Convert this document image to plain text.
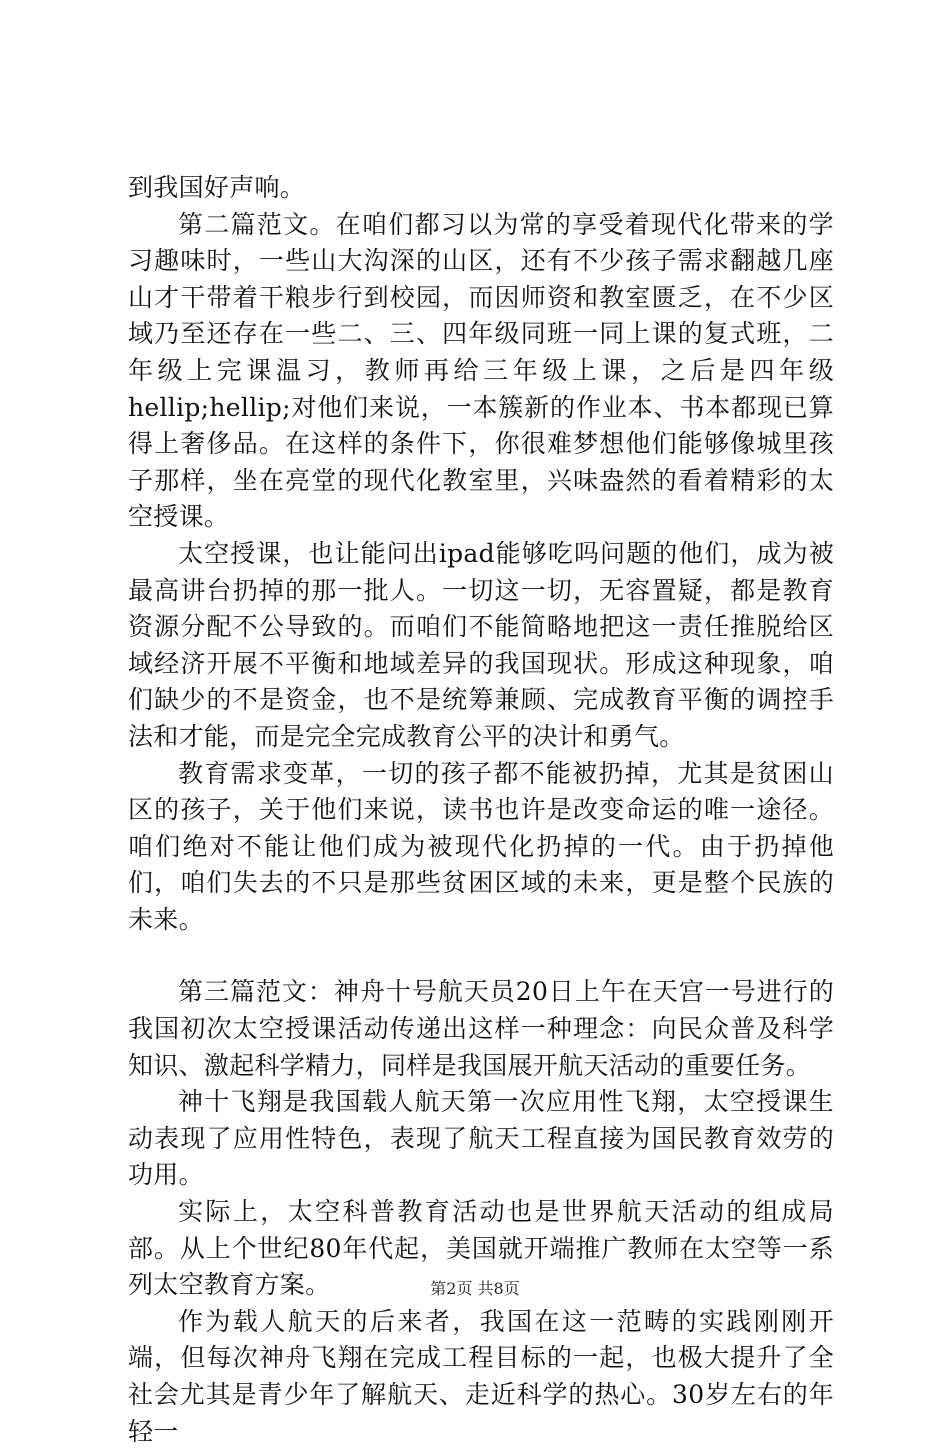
到我国好声响。

第二篇范文。在咱们都习以为常的享受着现代化带来的学习趣味时，一些山大沟深的山区，还有不少孩子需求翻越几座山才干带着干粮步行到校园，而因师资和教室匮乏，在不少区域乃至还存在一些二、三、四年级同班一同上课的复式班，二年级上完课温习，教师再给三年级上课，之后是四年级hellip;hellip;对他们来说，一本簇新的作业本、书本都现已算得上奢侈品。在这样的条件下，你很难梦想他们能够像城里孩子那样，坐在亮堂的现代化教室里，兴味盎然的看着精彩的太空授课。

太空授课，也让能问出ipad能够吃吗问题的他们，成为被最高讲台扔掉的那一批人。一切这一切，无容置疑，都是教育资源分配不公导致的。而咱们不能简略地把这一责任推脱给区域经济开展不平衡和地域差异的我国现状。形成这种现象，咱们缺少的不是资金，也不是统筹兼顾、完成教育平衡的调控手法和才能，而是完全完成教育公平的决计和勇气。

教育需求变革，一切的孩子都不能被扔掉，尤其是贫困山区的孩子，关于他们来说，读书也许是改变命运的唯一途径。咱们绝对不能让他们成为被现代化扔掉的一代。由于扔掉他们，咱们失去的不只是那些贫困区域的未来，更是整个民族的未来。

第三篇范文：神舟十号航天员20日上午在天宫一号进行的我国初次太空授课活动传递出这样一种理念：向民众普及科学知识、激起科学精力，同样是我国展开航天活动的重要任务。

神十飞翔是我国载人航天第一次应用性飞翔，太空授课生动表现了应用性特色，表现了航天工程直接为国民教育效劳的功用。

实际上，太空科普教育活动也是世界航天活动的组成局部。从上个世纪80年代起，美国就开端推广教师在太空等一系列太空教育方案。

作为载人航天的后来者，我国在这一范畴的实践刚刚开端，但每次神舟飞翔在完成工程目标的一起，也极大提升了全社会尤其是青少年了解航天、走近科学的热心。30岁左右的年轻一

第2页 共8页
